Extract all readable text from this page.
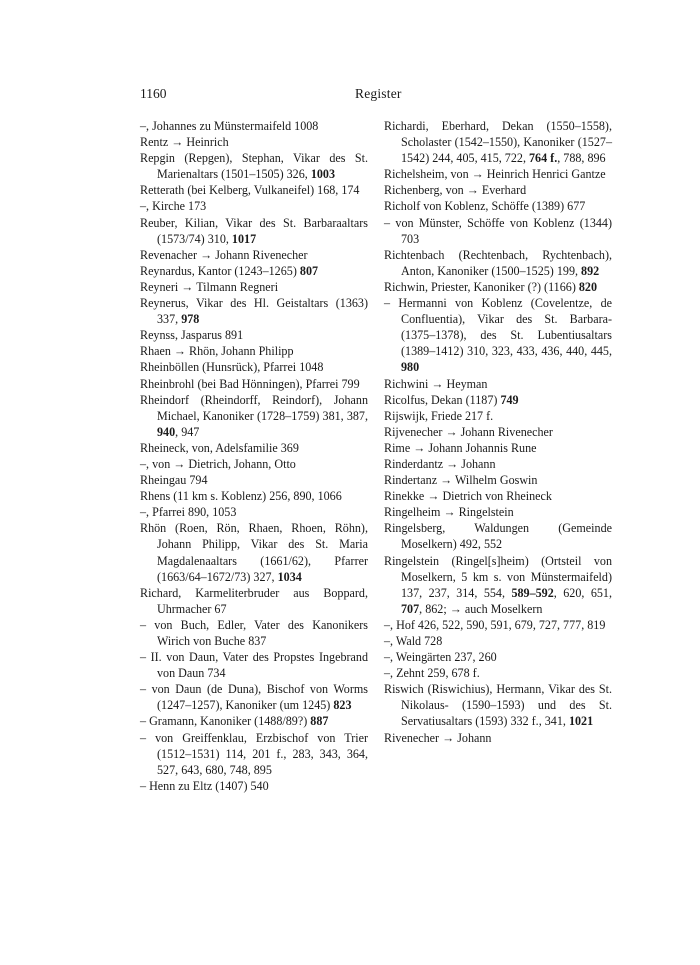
1160	Register

–, Johannes zu Münstermaifeld 1008

Rentz → Heinrich

Repgin (Repgen), Stephan, Vikar des St. Marienaltars (1501–1505) 326, 1003

Retterath (bei Kelberg, Vulkaneifel) 168, 174

–, Kirche 173

Reuber, Kilian, Vikar des St. Barbaraaltars (1573/74) 310, 1017

Revenacher → Johann Rivenecher

Reynardus, Kantor (1243–1265) 807

Reyneri → Tilmann Regneri

Reynerus, Vikar des Hl. Geistaltars (1363) 337, 978

Reynss, Jasparus 891

Rhaen → Rhön, Johann Philipp

Rheinböllen (Hunsrück), Pfarrei 1048

Rheinbrohl (bei Bad Hönningen), Pfarrei 799

Rheindorf (Rheindorff, Reindorf), Johann Michael, Kanoniker (1728–1759) 381, 387, 940, 947

Rheineck, von, Adelsfamilie 369

–, von → Dietrich, Johann, Otto

Rheingau 794

Rhens (11 km s. Koblenz) 256, 890, 1066

–, Pfarrei 890, 1053

Rhön (Roen, Rön, Rhaen, Rhoen, Röhn), Johann Philipp, Vikar des St. Maria Magdalenaaltars (1661/62), Pfarrer (1663/64–1672/73) 327, 1034

Richard, Karmeliterbruder aus Boppard, Uhrmacher 67

– von Buch, Edler, Vater des Kanonikers Wirich von Buche 837

– II. von Daun, Vater des Propstes Ingebrand von Daun 734

– von Daun (de Duna), Bischof von Worms (1247–1257), Kanoniker (um 1245) 823

– Gramann, Kanoniker (1488/89?) 887

– von Greiffenklau, Erzbischof von Trier (1512–1531) 114, 201 f., 283, 343, 364, 527, 643, 680, 748, 895

– Henn zu Eltz (1407) 540

Richardi, Eberhard, Dekan (1550–1558), Scholaster (1542–1550), Kanoniker (1527–1542) 244, 405, 415, 722, 764 f., 788, 896

Richelsheim, von → Heinrich Henrici Gantze

Richenberg, von → Everhard

Richolf von Koblenz, Schöffe (1389) 677

– von Münster, Schöffe von Koblenz (1344) 703

Richtenbach (Rechtenbach, Rychtenbach), Anton, Kanoniker (1500–1525) 199, 892

Richwin, Priester, Kanoniker (?) (1166) 820

– Hermanni von Koblenz (Covelentze, de Confluentia), Vikar des St. Barbara- (1375–1378), des St. Lubentiusaltars (1389–1412) 310, 323, 433, 436, 440, 445, 980

Richwini → Heyman

Ricolfus, Dekan (1187) 749

Rijswijk, Friede 217 f.

Rijvenecher → Johann Rivenecher

Rime → Johann Johannis Rune

Rinderdantz → Johann

Rindertanz → Wilhelm Goswin

Rinekke → Dietrich von Rheineck

Ringelheim → Ringelstein

Ringelsberg, Waldungen (Gemeinde Moselkern) 492, 552

Ringelstein (Ringel[s]heim) (Ortsteil von Moselkern, 5 km s. von Münstermaifeld) 137, 237, 314, 554, 589–592, 620, 651, 707, 862; → auch Moselkern

–, Hof 426, 522, 590, 591, 679, 727, 777, 819

–, Wald 728

–, Weingärten 237, 260

–, Zehnt 259, 678 f.

Riswich (Riswichius), Hermann, Vikar des St. Nikolaus- (1590–1593) und des St. Servatiusaltars (1593) 332 f., 341, 1021

Rivenecher → Johann
